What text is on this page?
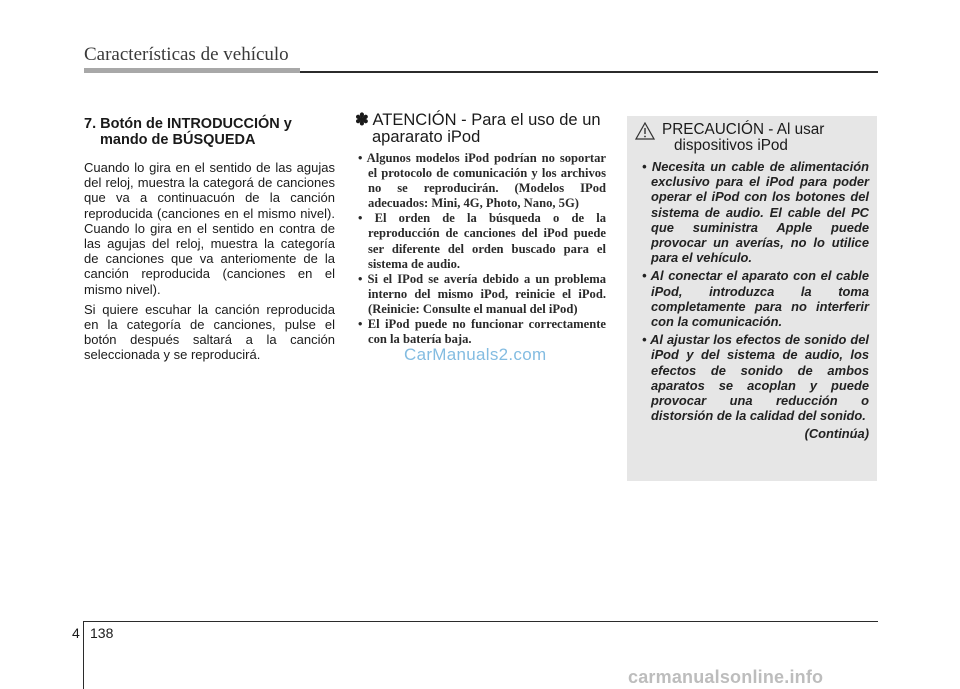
Características de vehículo
7. Botón de INTRODUCCIÓN y mando de BÚSQUEDA

Cuando lo gira en el sentido de las agujas del reloj, muestra la categorá de canciones que va a continuacuón de la canción reproducida (canciones en el mismo nivel). Cuando lo gira en el sentido en contra de las agujas del reloj, muestra la categoría de canciones que va anteriomente de la canción reproducida (canciones en el mismo nivel).

Si quiere escuhar la canción reproducida en la categoría de canciones, pulse el botón después saltará a la canción seleccionada y se reproducirá.

✽ ATENCIÓN - Para el uso de un apararato iPod
• Algunos modelos iPod podrían no soportar el protocolo de comunicación y los archivos no se reproducirán. (Modelos IPod adecuados: Mini, 4G, Photo, Nano, 5G)
• El orden de la búsqueda o de la reproducción de canciones del iPod puede ser diferente del orden buscado para el sistema de audio.
• Si el IPod se avería debido a un problema interno del mismo iPod, reinicie el iPod. (Reinicie: Consulte el manual del iPod)
• El iPod puede no funcionar correctamente con la batería baja.
PRECAUCIÓN - Al usar
dispositivos iPod
• Necesita un cable de alimentación exclusivo para el iPod para poder operar el iPod con los botones del sistema de audio. El cable del PC que suministra Apple puede provocar un averías, no lo utilice para el vehículo.
• Al conectar el aparato con el cable iPod, introduzca la toma completamente para no interferir con la comunicación.
• Al ajustar los efectos de sonido del iPod y del sistema de audio, los efectos de sonido de ambos aparatos se acoplan y puede provocar una reducción o distorsión de la calidad del sonido.
(Continúa)
4 138
CarManuals2.com
carmanualsonline.info
